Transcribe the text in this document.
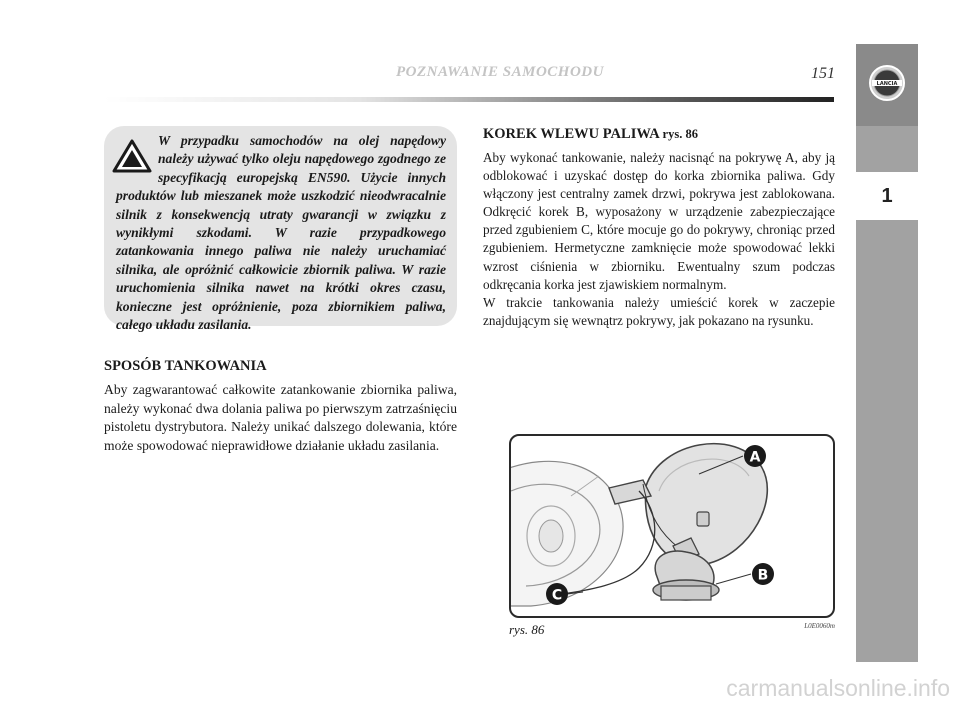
POZNAWANIE SAMOCHODU	151
LANCIA
1

W przypadku samochodów na olej napędowy należy używać tylko oleju napędowego zgodnego ze specyfikacją europejską EN590. Użycie innych produktów lub mieszanek może uszkodzić nieodwracalnie silnik z konsekwencją utraty gwarancji w związku z wynikłymi szkodami. W razie przypadkowego zatankowania innego paliwa nie należy uruchamiać silnika, ale opróżnić całkowicie zbiornik paliwa. W razie uruchomienia silnika nawet na krótki okres czasu, konieczne jest opróżnienie, poza zbiornikiem paliwa, całego układu zasilania.

SPOSÓB TANKOWANIA

Aby zagwarantować całkowite zatankowanie zbiornika paliwa, należy wykonać dwa dolania paliwa po pierwszym zatrzaśnięciu pistoletu dystrybutora. Należy unikać dalszego dolewania, które może spowodować nieprawidłowe działanie układu zasilania.

KOREK WLEWU PALIWA rys. 86
Aby wykonać tankowanie, należy nacisnąć na pokrywę A, aby ją odblokować i uzyskać dostęp do korka zbiornika paliwa. Gdy włączony jest centralny zamek drzwi, pokrywa jest zablokowana. Odkręcić korek B, wyposażony w urządzenie zabezpieczające przed zgubieniem C, które mocuje go do pokrywy, chroniąc przed zgubieniem. Hermetyczne zamknięcie może spowodować lekki wzrost ciśnienia w zbiorniku. Ewentualny szum podczas odkręcania korka jest zjawiskiem normalnym.
W trakcie tankowania należy umieścić korek w zaczepie znajdującym się wewnątrz pokrywy, jak pokazano na rysunku.
A
B
C
rys. 86	L0E0060m
carmanualsonline.info
